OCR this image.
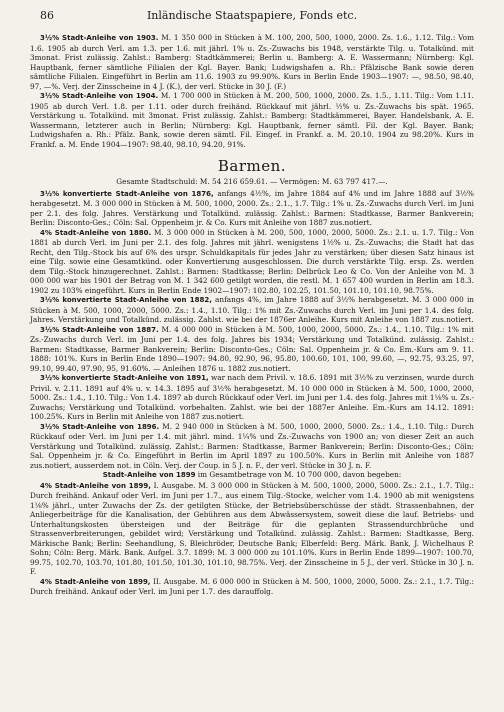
86	Inländische Staatspapiere, Fonds etc.

3½% Stadt-Anleihe von 1903. M. 1 350 000 in Stücken à M. 100, 200, 500, 1000, 2000. Zs. 1.6., 1.12. Tilg.: Vom 1.6. 1905 ab durch Verl. am 1.3. per 1.6. mit jährl. 1% u. Zs.-Zuwachs bis 1948, verstärkte Tilg. u. Totalkünd. mit 3monat. Frist zulässig. Zahlst.: Bamberg: Stadtkämmerei; Berlin u. Bamberg: A. E. Wassermann; Nürnberg: Kgl. Hauptbank, ferner sämtliche Filialen der Kgl. Bayer. Bank; Ludwigshafen a. Rh.: Pfälzische Bank sowie deren sämtliche Filialen. Eingeführt in Berlin am 11.6. 1903 zu 99.90%. Kurs in Berlin Ende 1903—1907: —, 98.50, 98.40, 97, —%. Verj. der Zinsscheine in 4 J. (K.), der verl. Stücke in 30 J. (F.)

3½% Stadt-Anleihe von 1904. M. 1 700 000 in Stücken à M. 200, 500, 1000, 2000. Zs. 1.5., 1.11. Tilg.: Vom 1.11. 1905 ab durch Verl. 1.8. per 1.11. oder durch freihänd. Rückkauf mit jährl. ½% u. Zs.-Zuwachs bis spät. 1965. Verstärkung u. Totalkünd. mit 3monat. Frist zulässig. Zahlst.: Bamberg: Stadtkämmerei, Bayer. Handelsbank, A. E. Wassermann, letzterer auch in Berlin; Nürnberg: Kgl. Hauptbank, ferner sämtl. Fil. der Kgl. Bayer. Bank; Ludwigshafen a. Rh.: Pfälz. Bank, sowie deren sämtl. Fil. Eingef. in Frankf. a. M. 20.10. 1904 zu 98.20%. Kurs in Frankf. a. M. Ende 1904—1907: 98.40, 98.10, 94.20, 91%.

Barmen.
Gesamte Stadtschuld: M. 54 216 659.61. — Vermögen: M. 63 797 417.—.

3½% konvertierte Stadt-Anleihe von 1876, anfangs 4½%, im Jahre 1884 auf 4% und im Jahre 1888 auf 3½% herabgesetzt. M. 3 000 000 in Stücken à M. 500, 1000, 2000. Zs.: 2.1., 1.7. Tilg.: 1% u. Zs.-Zuwachs durch Verl. im Juni per 2.1. des folg. Jahres. Verstärkung und Totalkünd. zulässig. Zahlst.: Barmen: Stadtkasse, Barmer Bankverein; Berlin: Disconto-Ges.; Cöln: Sal. Oppenheim jr. & Co. Kurs mit Anleihe von 1887 zus.notiert.

4% Stadt-Anleihe von 1880. M. 3 000 000 in Stücken à M. 200, 500, 1000, 2000, 5000. Zs.: 2.1. u. 1.7. Tilg.: Von 1881 ab durch Verl. im Juni per 2.1. des folg. Jahres mit jährl. wenigstens 1½% u. Zs.-Zuwachs; die Stadt hat das Recht, den Tilg.-Stock bis auf 6% des urspr. Schuldkapitals für jedes Jahr zu verstärken; über diesen Satz hinaus ist eine Tilg. sowie eine Gesamtkünd. oder Konvertierung ausgeschlossen. Die durch verstärkte Tilg. ersp. Zs. werden dem Tilg.-Stock hinzugerechnet. Zahlst.: Barmen: Stadtkasse; Berlin: Delbrück Leo & Co. Von der Anleihe von M. 3 000 000 war bis 1901 der Betrag von M. 1 342 600 getilgt worden, die restl. M. 1 657 400 wurden in Berlin am 18.3. 1902 zu 103% eingeführt. Kurs in Berlin Ende 1902—1907: 102.80, 102.25, 101.50, 101.10, 101.10, 98.75%.

3½% konvertierte Stadt-Anleihe von 1882, anfangs 4%, im Jahre 1888 auf 3½% herabgesetzt. M. 3 000 000 in Stücken à M. 500, 1000, 2000, 5000. Zs.: 1.4., 1.10. Tilg.: 1% mit Zs.-Zuwachs durch Verl. im Juni per 1.4. des folg. Jahres. Verstärkung und Totalkünd. zulässig. Zahlst. wie bei der 1876er Anleihe. Kurs mit Anleihe von 1887 zus.notiert.

3½% Stadt-Anleihe von 1887. M. 4 000 000 in Stücken à M. 500, 1000, 2000, 5000. Zs.: 1.4., 1.10. Tilg.: 1% mit Zs.-Zuwachs durch Verl. im Juni per 1.4. des folg. Jahres bis 1934; Verstärkung und Totalkünd. zulässig. Zahlst.: Barmen: Stadtkasse, Barmer Bankverein; Berlin: Disconto-Ges.; Cöln: Sal. Oppenheim jr. & Co. Em.-Kurs am 9. 11. 1888: 101%. Kurs in Berlin Ende 1890—1907: 94.80, 92.90, 96, 95.80, 100.60, 101, 100, 99.60, —, 92.75, 93.25, 97, 99.10, 99.40, 97.90, 95, 91.60%. — Anleihen 1876 u. 1882 zus.notiert.

3½% konvertierte Stadt-Anleihe von 1891, war nach dem Privil. v. 18.6. 1891 mit 3½% zu verzinsen, wurde durch Privil. v. 2.11. 1891 auf 4% u. v. 14.3. 1895 auf 3½% herabgesetzt. M. 10 000 000 in Stücken à M. 500, 1000, 2000, 5000. Zs.: 1.4., 1.10. Tilg.: Von 1.4. 1897 ab durch Rückkauf oder Verl. im Juni per 1.4. des folg. Jahres mit 1⅛% u. Zs.-Zuwachs; Verstärkung und Totalkünd. vorbehalten. Zahlst. wie bei der 1887er Anleihe. Em.-Kurs am 14.12. 1891: 100.25%. Kurs in Berlin mit Anleihe von 1887 zus.notiert.

3½% Stadt-Anleihe von 1896. M. 2 940 000 in Stücken à M. 500, 1000, 2000, 5000. Zs.: 1.4., 1.10. Tilg.: Durch Rückkauf oder Verl. im Juni per 1.4. mit jährl. mind. 1¼% und Zs.-Zuwachs von 1900 an; von dieser Zeit an auch Verstärkung und Totalkünd. zulässig. Zahlst.: Barmen: Stadtkasse, Barmer Bankverein; Berlin: Disconto-Ges.; Cöln: Sal. Oppenheim jr. & Co. Eingeführt in Berlin im April 1897 zu 100.50%. Kurs in Berlin mit Anleihe von 1887 zus.notiert, ausserdem not. in Cöln. Verj. der Coup. in 5 J. n. F., der verl. Stücke in 30 J. n. F.

Stadt-Anleihe von 1899 im Gesamtbetrage von M. 10 700 000, davon begeben:

4% Stadt-Anleihe von 1899, I. Ausgabe. M. 3 000 000 in Stücken à M. 500, 1000, 2000, 5000. Zs.: 2.1., 1.7. Tilg.: Durch freihänd. Ankauf oder Verl. im Juni per 1.7., aus einem Tilg.-Stocke, welcher vom 1.4. 1900 ab mit wenigstens 1⅛% jährl., unter Zuwachs der Zs. der getilgten Stücke, der Betriebsüberschüsse der städt. Strassenbahnen, der Anliegerbeiträge für die Kanalisation, der Gebühren aus dem Abwässersystem, soweit diese die lauf. Betriebs- und Unterhaltungskosten übersteigen und der Beiträge für die geplanten Strassendurchbrüche und Strassenverbreiterungen, gebildet wird; Verstärkung und Totalkünd. zulässig. Zahlst.: Barmen: Stadtkasse, Berg. Märkische Bank; Berlin: Seehandlung, S. Bleichröder, Deutsche Bank; Elberfeld: Berg. Märk. Bank, J. Wichelhaus P. Sohn; Cöln: Berg. Märk. Bank. Aufgel. 3.7. 1899: M. 3 000 000 zu 101.10%. Kurs in Berlin Ende 1899—1907: 100.70, 99.75, 102.70, 103.70, 101.80, 101.50, 101.30, 101.10, 98.75%. Verj. der Zinsscheine in 5 J., der verl. Stücke in 30 J. n. F.

4% Stadt-Anleihe von 1899, II. Ausgabe. M. 6 000 000 in Stücken à M. 500, 1000, 2000, 5000. Zs.: 2.1., 1.7. Tilg.: Durch freihänd. Ankauf oder Verl. im Juni per 1.7. des darauffolg.
